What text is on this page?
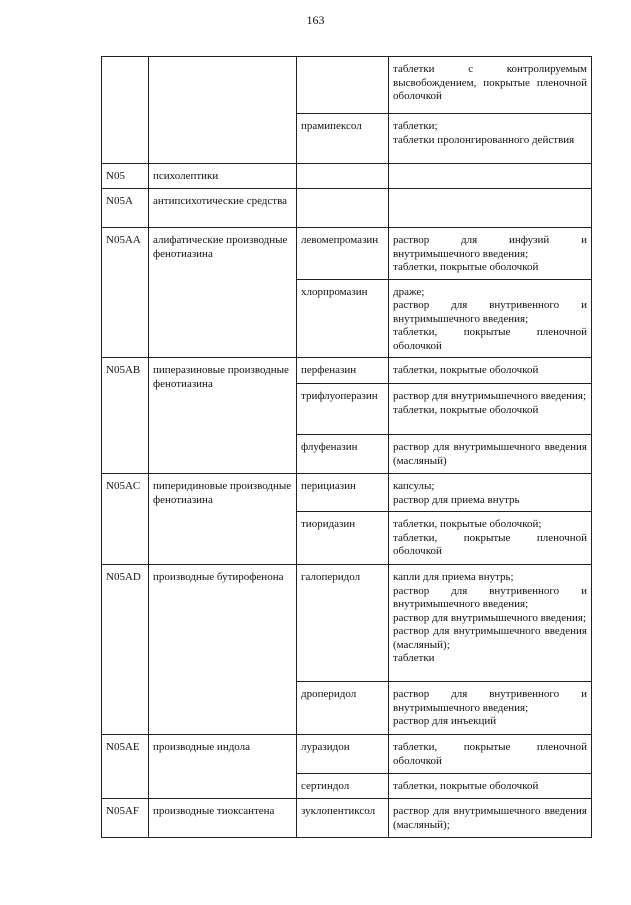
163

			таблетки с контролируемым высвобождением, покрытые пленочной оболочкой

		прамипексол	таблетки;
таблетки пролонгированного действия

N05	психолептики		
N05A	антипсихотические средства		
N05AA	алифатические производные фенотиазина	левомепромазин	раствор для инфузий и внутримышечного введения;
таблетки, покрытые оболочкой

		хлорпромазин	драже;
раствор для внутривенного и внутримышечного введения;
таблетки, покрытые пленочной оболочкой

N05AB	пиперазиновые производные фенотиазина	перфеназин	таблетки, покрытые оболочкой

		трифлуоперазин	раствор для внутримышечного введения;
таблетки, покрытые оболочкой

		флуфеназин	раствор для внутримышечного введения (масляный)

N05AC	пиперидиновые производные фенотиазина	перициазин	капсулы;
раствор для приема внутрь

		тиоридазин	таблетки, покрытые оболочкой;
таблетки, покрытые пленочной оболочкой

N05AD	производные бутирофенона	галоперидол	капли для приема внутрь;
раствор для внутривенного и внутримышечного введения;
раствор для внутримышечного введения;
раствор для внутримышечного введения (масляный);
таблетки

		дроперидол	раствор для внутривенного и внутримышечного введения;
раствор для инъекций

N05AE	производные индола	луразидон	таблетки, покрытые пленочной оболочкой

		сертиндол	таблетки, покрытые оболочкой

N05AF	производные тиоксантена	зуклопентиксол	раствор для внутримышечного введения (масляный);
